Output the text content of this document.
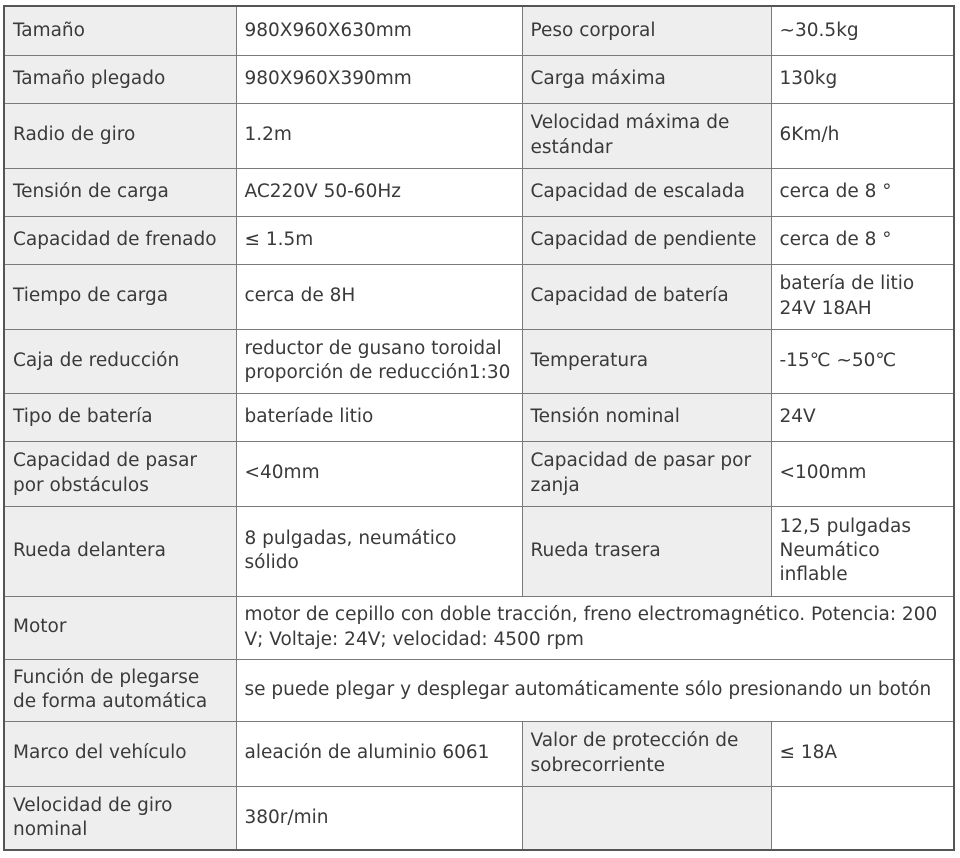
Tamaño	980X960X630mm	Peso corporal	~30.5kg
Tamaño plegado	980X960X390mm	Carga máxima	130kg
Radio de giro	1.2m	Velocidad máxima de estándar	6Km/h
Tensión de carga	AC220V 50-60Hz	Capacidad de escalada	cerca de 8 °
Capacidad de frenado	≤ 1.5m	Capacidad de pendiente	cerca de 8 °
Tiempo de carga	cerca de 8H	Capacidad de batería	batería de litio 24V 18AH
Caja de reducción	reductor de gusano toroidal proporción de reducción1:30	Temperatura	-15℃ ~50℃
Tipo de batería	bateríade litio	Tensión nominal	24V
Capacidad de pasar por obstáculos	<40mm	Capacidad de pasar por zanja	<100mm
Rueda delantera	8 pulgadas, neumático sólido	Rueda trasera	12,5 pulgadas Neumático inflable
Motor	motor de cepillo con doble tracción, freno electromagnético. Potencia: 200 V; Voltaje: 24V; velocidad: 4500 rpm		
Función de plegarse de forma automática	se puede plegar y desplegar automáticamente sólo presionando un botón		
Marco del vehículo	aleación de aluminio 6061	Valor de protección de sobrecorriente	≤ 18A
Velocidad de giro nominal	380r/min		
